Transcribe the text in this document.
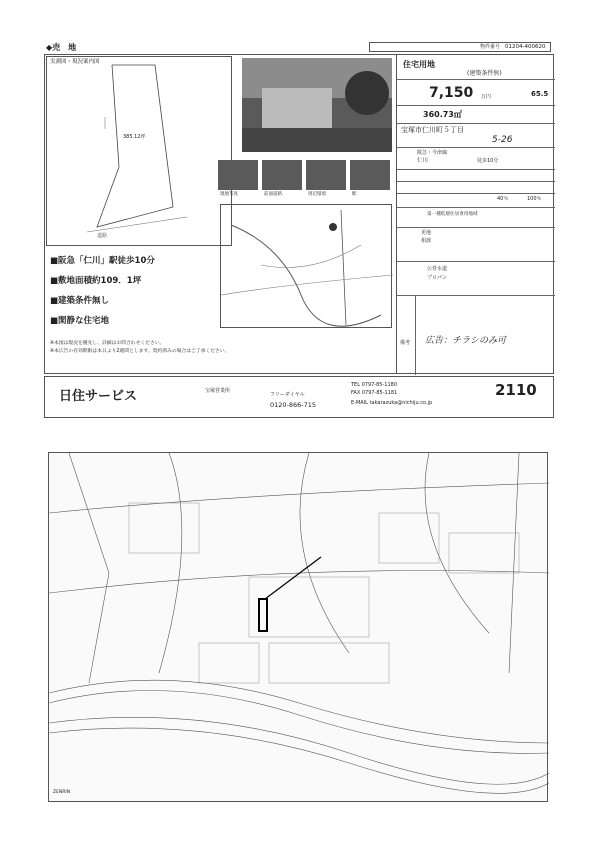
◆売　地	物件番号 01204-400620
実測図・現況案内図
道路
385.12坪
現地写真	前面道路	周辺環境	駅
■阪急「仁川」駅徒歩10分
■敷地面積約109．1坪
■建築条件無し
■閑静な住宅地
※本図は現況を優先し、詳細はお問合わせください。
※本広告の有効期限は本日より2週間とします。契約済みの場合はご了承ください。
住宅用地
(建築条件無)
7,150 万円	65.5
360.73㎡
宝塚市仁川町５丁目
5-26
阪急・今津線
仁川	徒歩10分
40％	100％
第一種低層住居専用地域
更地
相談
公営水道
プロパン
備考 広告：チラシのみ可
日住サービス	宝塚営業所
フリーダイヤル
0120-866-715
TEL 0797-85-1180
FAX 0797-85-1181
E-MAIL takarazuka@nichiju.co.jp
2110
ZENRIN
